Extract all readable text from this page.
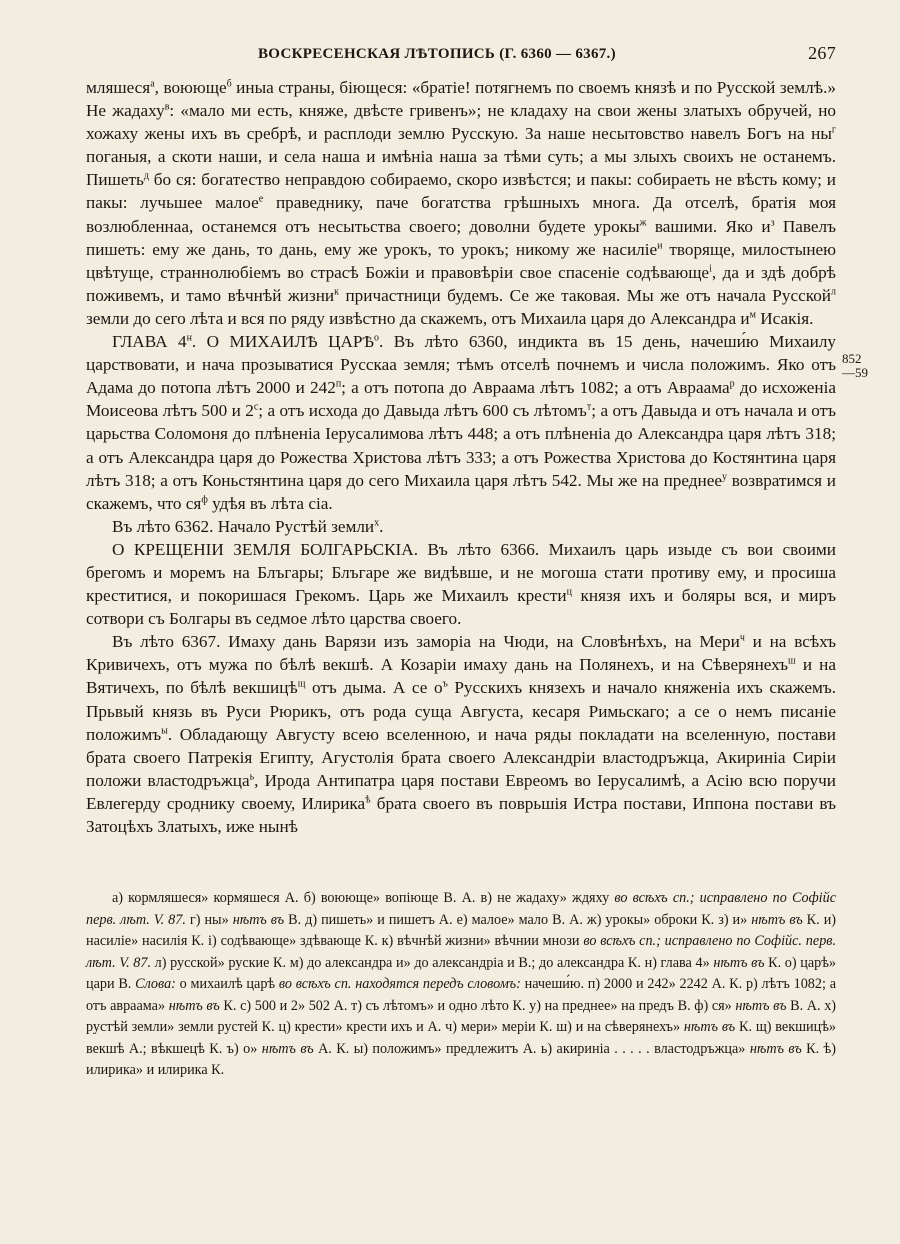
ВОСКРЕСЕНСКАЯ ЛѢТОПИСЬ (Г. 6360 — 6367.)	267
852
—59

мляшеся$^а$, воюющe$^б$ иныа страны, біющеся: «братіе! потягнемъ по своемъ князѣ и по Русской землѣ.» Не жадаху$^в$: «мало ми есть, княже, двѣсте гривенъ»; не кладаху на свои жены златыхъ обручей, но хожаху жены ихъ въ сребрѣ, и расплоди землю Русскую. За наше несытовство навелъ Богъ на $ны^г$ поганыя, а скоти наши, и села наша и имѣніа наша за тѣми суть; а мы злыхъ своихъ не останемъ. Пишеть$^д$ бо ся: богатество неправдою собираемо, скоро извѣстся; и пакы: собираеть не вѣсть кому; и пакы: лучьшее малое$^е$ праведнику, паче богатства грѣшныхъ многа. Да отселѣ, братія моя возлюбленнаа, останемся отъ несытьства своего; доволни будете урокы$^ж$ вашими. Яко $и^з$ Павелъ пишеть: ему же дань, то дань, ему же урокъ, то урокъ; никому же насиліе$^и$ творяще, милостынею цвѣтуще, страннолюбіемъ во страсѣ Божіи и правовѣріи свое спасеніе содѣвающе$^і$, да и здѣ добрѣ поживемъ, и тамо вѣчнѣй жизни$^к$ причастници будемъ. Се же таковая. Мы же отъ начала Русской$^л$ земли до сего лѣта и вся по ряду извѣстно да скажемъ, отъ Михаила царя до Александра $и^м$ Исакія.

ГЛАВА $4^н$. О МИХАИЛѢ $ЦАРѢ^о$. Въ лѣто 6360, индикта въ 15 день, начеши́ю Михаилу царствовати, и нача прозыватися Русскаа земля; тѣмъ отселѣ почнемъ и числа положимъ. Яко отъ Адама до потопа лѣтъ 2000 и $242^п$; а отъ потопа до Авраама лѣтъ 1082; а отъ Авраама$^р$ до исхоженіа Моисеова лѣтъ 500 и $2^с$; а отъ исхода до Давыда лѣтъ 600 съ лѣтомъ$^т$; а отъ Давыда и отъ начала и отъ царьства Соломоня до плѣненіа Іерусалимова лѣтъ 448; а отъ плѣненіа до Александра царя лѣтъ 318; а отъ Александра царя до Рожества Христова лѣтъ 333; а отъ Рожества Христова до Костянтина царя лѣтъ 318; а отъ Коньстянтина царя до сего Михаила царя лѣтъ 542. Мы же на преднее$^у$ возвратимся и скажемъ, что $ся^ф$ удѣя въ лѣта сіа.

Въ лѣто 6362. Начало Рустѣй земли$^х$.

О КРЕЩЕНІИ ЗЕМЛЯ БОЛГАРЬСКІА. Въ лѣто 6366. Михаилъ царь изыде съ вои своими брегомъ и моремъ на Блъгары; Блъгаре же видѣвше, и не могоша стати противу ему, и просиша креститися, и покоришася Грекомъ. Царь же Михаилъ крести$^ц$ князя ихъ и боляры вся, и миръ сотвори съ Болгары въ седмое лѣто царства своего.

Въ лѣто 6367. Имаху дань Варязи изъ заморіа на Чюди, на Словѣнѣхъ, на Мери$^ч$ и на всѣхъ Кривичехъ, отъ мужа по бѣлѣ векшѣ. А Козаріи имаху дань на Полянехъ, и на Сѣверянехъ$^ш$ и на Вятичехъ, по бѣлѣ векшицѣ$^щ$ отъ дыма. А се $о^ъ$ Русскихъ князехъ и начало княженіа ихъ скажемъ. Прьвый князь въ Руси Рюрикъ, отъ рода суща Августа, кесаря Римьскаго; а се о немъ писаніе положимъ$^ы$. Обладающу Августу всею вселенною, и нача ряды покладати на вселенную, постави брата своего Патрекія Египту, Агустолія брата своего Александріи властодръжца, Акириніа Сиріи положи властодръжца$^ь$, Ирода Антипатра царя постави Евреомъ во Іерусалимѣ, а Асію всю поручи Евлегерду сроднику своему, Илирика$^ѣ$ брата своего въ поврьшія Истра постави, Иппона постави въ Затоцѣхъ Златыхъ, иже нынѣ

а) кормляшеся» кормяшеся А. б) воююще» вопiюще В. А. в) не жадаху» ждяху во всѣхъ сп.; исправлено по Софійс перв. лѣт. V. 87. г) ны» нѣтъ въ В. д) пишеть» и пишетъ А. е) малое» мало В. А. ж) урокы» оброки К. з) и» нѣтъ въ К. и) насиліе» насилія К. і) содѣвающе» здѣвающе К. к) вѣчнѣй жизни» вѣчнии мнози во всѣхъ сп.; исправлено по Софійс. перв. лѣт. V. 87. л) русской» руские К. м) до александра и» до александріа и В.; до александра К. н) глава 4» нѣтъ въ К. о) царѣ» цари В. Слова: о михаилѣ царѣ во всѣхъ сп. находятся передъ словомъ: начеши́ю. п) 2000 и 242» 2242 А. К. р) лѣтъ 1082; а отъ авраама» нѣтъ въ К. с) 500 и 2» 502 А. т) съ лѣтомъ» и одно лѣто К. у) на преднее» на предъ В. ф) ся» нѣтъ въ В. А. х) рустѣй земли» земли рустей К. ц) крести» крести ихъ и А. ч) мери» мерiи К. ш) и на сѣверянехъ» нѣтъ въ К. щ) векшицѣ» векшѣ А.; вѣкшецѣ К. ъ) о» нѣтъ въ А. К. ы) положимъ» предлежитъ А. ь) акириніа . . . . . властодръжца» нѣтъ въ К. ѣ) илирика» и илирика К.
